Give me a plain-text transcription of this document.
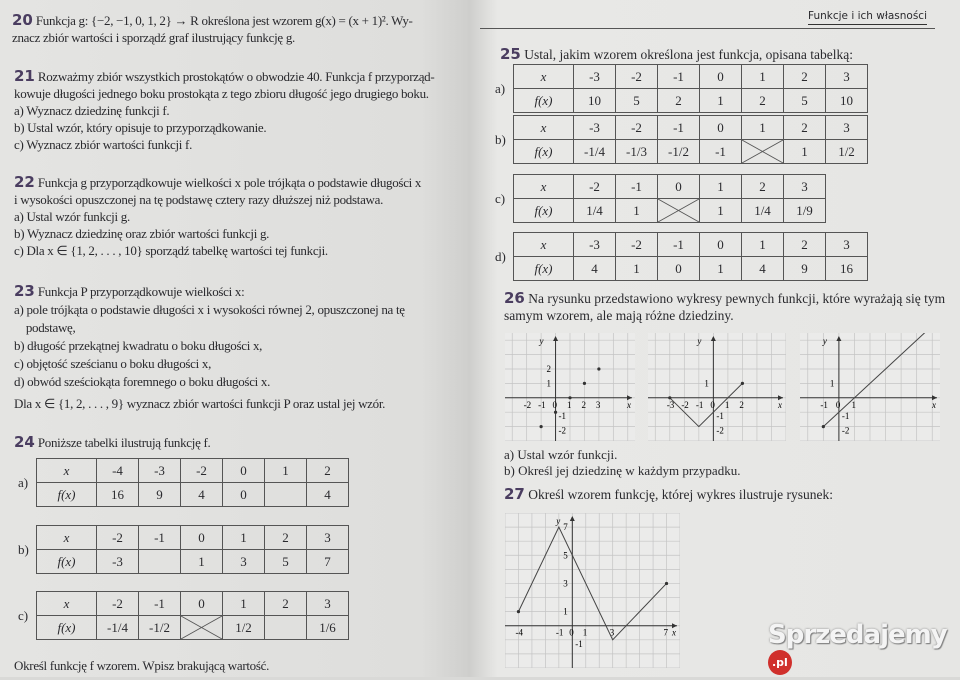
20 Funkcja g: {−2, −1, 0, 1, 2} → R określona jest wzorem g(x) = (x + 1)². Wy-
znacz zbiór wartości i sporządź graf ilustrujący funkcję g.
21 Rozważmy zbiór wszystkich prostokątów o obwodzie 40. Funkcja f przyporząd-
kowuje długości jednego boku prostokąta z tego zbioru długość jego drugiego boku.
a) Wyznacz dziedzinę funkcji f.
b) Ustal wzór, który opisuje to przyporządkowanie.
c) Wyznacz zbiór wartości funkcji f.
22 Funkcja g przyporządkowuje wielkości x pole trójkąta o podstawie długości x
i wysokości opuszczonej na tę podstawę cztery razy dłuższej niż podstawa.
a) Ustal wzór funkcji g.
b) Wyznacz dziedzinę oraz zbiór wartości funkcji g.
c) Dla x ∈ {1, 2, . . . , 10} sporządź tabelkę wartości tej funkcji.
23 Funkcja P przyporządkowuje wielkości x:
a) pole trójkąta o podstawie długości x i wysokości równej 2, opuszczonej na tę
podstawę,
b) długość przekątnej kwadratu o boku długości x,
c) objętość sześcianu o boku długości x,
d) obwód sześciokąta foremnego o boku długości x.
Dla x ∈ {1, 2, . . . , 9} wyznacz zbiór wartości funkcji P oraz ustal jej wzór.
24 Poniższe tabelki ilustrują funkcję f.
Określ funkcję f wzorem. Wpisz brakującą wartość.
a)
x	-4	-3	-2	0	1	2
f(x)	16	9	4	0		4
b)
x	-2	-1	0	1	2	3
f(x)	-3		1	3	5	7
c)
x	-2	-1	0	1	2	3
f(x)	-1/4	-1/2		1/2		1/6
Funkcje i ich własności
25 Ustal, jakim wzorem określona jest funkcja, opisana tabelką:
26 Na rysunku przedstawiono wykresy pewnych funkcji, które wyrażają się tym
samym wzorem, ale mają różne dziedziny.
a) Ustal wzór funkcji.
b) Określ jej dziedzinę w każdym przypadku.
27 Określ wzorem funkcję, której wykres ilustruje rysunek:
Sprzedajemy.pl
a)
x	-3	-2	-1	0	1	2	3
f(x)	10	5	2	1	2	5	10
b)
x	-3	-2	-1	0	1	2	3
f(x)	-1/4	-1/3	-1/2	-1		1	1/2
c)
x	-2	-1	0	1	2	3
f(x)	1/4	1		1	1/4	1/9
d)
x	-3	-2	-1	0	1	2	3
f(x)	4	1	0	1	4	9	16
x
y
-2 -1 0 1 2 3
1
2
-1
-2
x
y
-3 -2 -1 0 1 2
1
-1
-2
x
y
-1 0 1
1
-1
-2
x
y
-4	-1 0 1 3	7
7
5
3
1
-1
